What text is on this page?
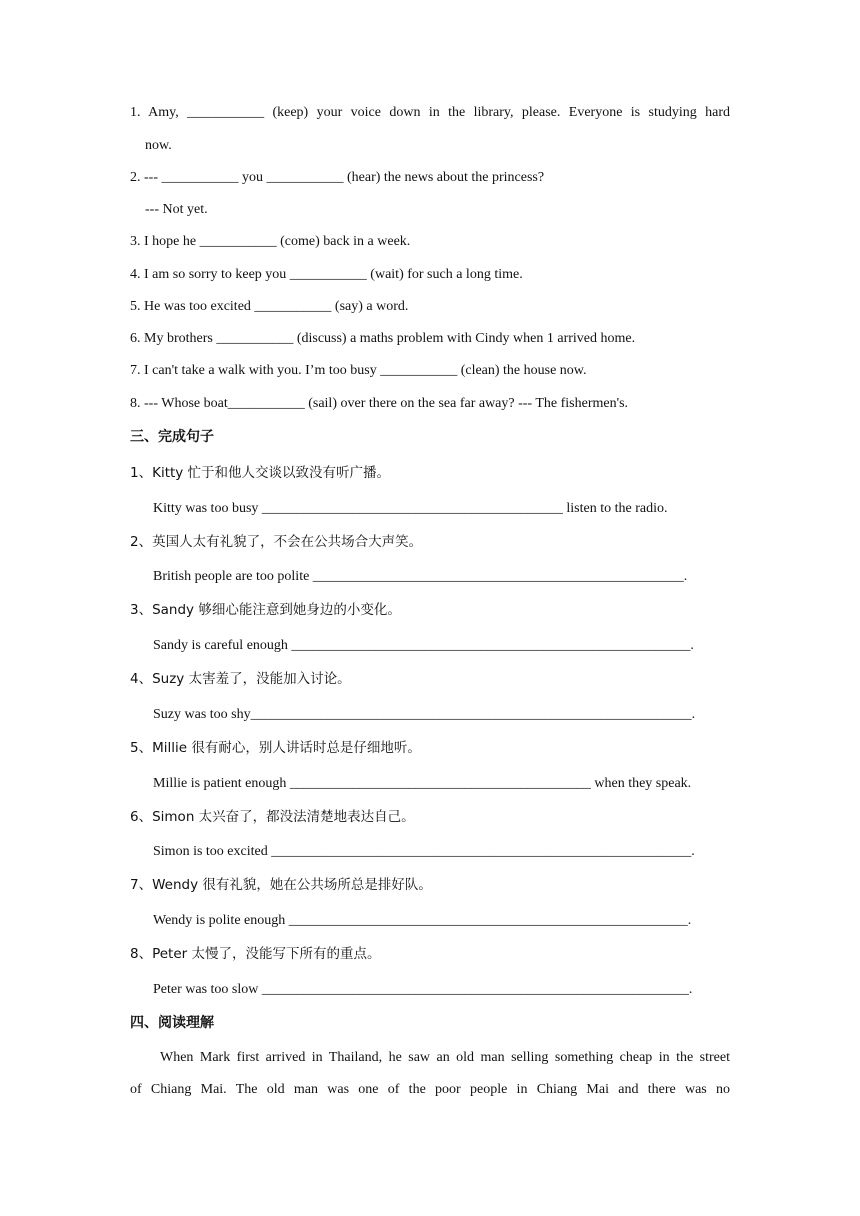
1. Amy, ___________ (keep) your voice down in the library, please. Everyone is studying hard
now.
2. --- ___________ you ___________ (hear) the news about the princess?
--- Not yet.
3. I hope he ___________ (come) back in a week.
4. I am so sorry to keep you ___________ (wait) for such a long time.
5. He was too excited ___________ (say) a word.
6. My brothers ___________ (discuss) a maths problem with Cindy when 1 arrived home.
7. I can't take a walk with you. I’m too busy ___________ (clean) the house now.
8. --- Whose boat___________ (sail) over there on the sea far away? --- The fishermen's.
三、完成句子
1、Kitty 忙于和他人交谈以致没有听广播。
Kitty was too busy ___________________________________________ listen to the radio.
2、英国人太有礼貌了，不会在公共场合大声笑。
British people are too polite _____________________________________________________.
3、Sandy 够细心能注意到她身边的小变化。
Sandy is careful enough _________________________________________________________.
4、Suzy 太害羞了，没能加入讨论。
Suzy was too shy_______________________________________________________________.
5、Millie 很有耐心，别人讲话时总是仔细地听。
Millie is patient enough ___________________________________________ when they speak.
6、Simon 太兴奋了，都没法清楚地表达自己。
Simon is too excited ____________________________________________________________.
7、Wendy 很有礼貌，她在公共场所总是排好队。
Wendy is polite enough _________________________________________________________.
8、Peter 太慢了，没能写下所有的重点。
Peter was too slow _____________________________________________________________.
四、阅读理解
When Mark first arrived in Thailand, he saw an old man selling something cheap in the street
of Chiang Mai. The old man was one of the poor people in Chiang Mai and there was no
